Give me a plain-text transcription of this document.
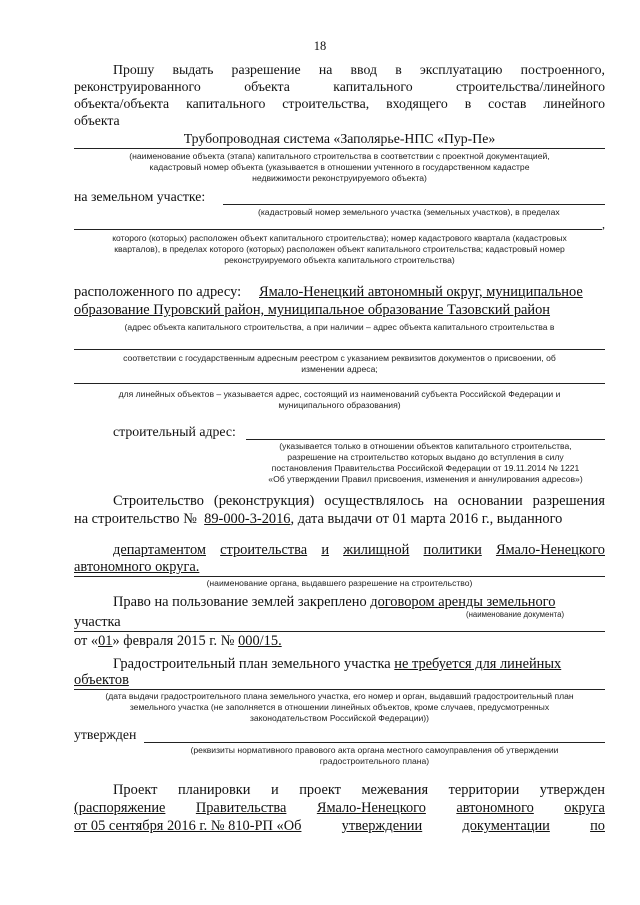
18
Прошу выдать разрешение на ввод в эксплуатацию построенного,
реконструированного	объекта	капитального	строительства/линейного
объекта/объекта капитального строительства, входящего в состав линейного
объекта
Трубопроводная система «Заполярье-НПС «Пур-Пе»
(наименование объекта (этапа) капитального строительства в соответствии с проектной документацией,
кадастровый номер объекта (указывается в отношении учтенного в государственном кадастре
недвижимости реконструируемого объекта)
на земельном участке:
(кадастровый номер земельного участка (земельных участков), в пределах
,
которого (которых) расположен объект капитального строительства); номер кадастрового квартала (кадастровых
кварталов), в пределах которого (которых) расположен объект капитального строительства; кадастровый номер
реконструируемого объекта капитального строительства)
расположенного по адресу: Ямало-Ненецкий автономный округ, муниципальное
образование Пуровский район, муниципальное образование Тазовский район
(адрес объекта капитального строительства, а при наличии – адрес объекта капитального строительства в
соответствии с государственным адресным реестром с указанием реквизитов документов о присвоении, об
изменении адреса;
для линейных объектов – указывается адрес, состоящий из наименований субъекта Российской Федерации и
муниципального образования)
строительный адрес:
(указывается только в отношении объектов капитального строительства,
разрешение на строительство которых выдано до вступления в силу
постановления Правительства Российской Федерации от 19.11.2014 № 1221
«Об утверждении Правил присвоения, изменения и аннулирования адресов»)
Строительство (реконструкция) осуществлялось на основании разрешения
на строительство № 89-000-3-2016, дата выдачи от 01 марта 2016 г., выданного
департаментом строительства и жилищной политики Ямало-Ненецкого
автономного округа.
(наименование органа, выдавшего разрешение на строительство)
Право на пользование землей закреплено договором аренды земельного
(наименование документа)
участка
от «01» февраля 2015 г. № 000/15.
Градостроительный план земельного участка не требуется для линейных
объектов
(дата выдачи градостроительного плана земельного участка, его номер и орган, выдавший градостроительный план
земельного участка (не заполняется в отношении линейных объектов, кроме случаев, предусмотренных
законодательством Российской Федерации))
утвержден
(реквизиты нормативного правового акта органа местного самоуправления об утверждении
градостроительного плана)
Проект планировки и проект межевания территории утвержден
(распоряжение Правительства Ямало-Ненецкого автономного округа
от 05 сентября 2016 г. № 810-РП «Об	утверждении	документации	по
